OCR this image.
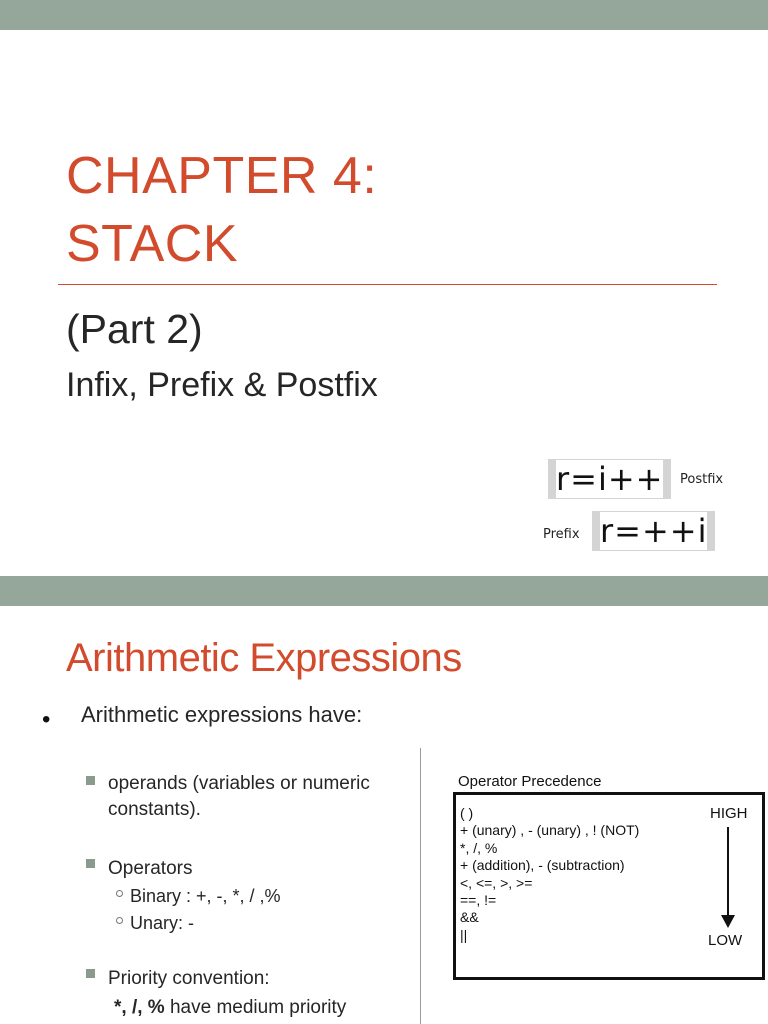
CHAPTER 4:
STACK
(Part 2)
Infix, Prefix & Postfix
r=i++	Postfix
Prefix r=++i
Arithmetic Expressions
• Arithmetic expressions have:
operands (variables or numeric
constants).
Operators
Binary : +, -, *, / ,%
Unary: -
Priority convention:
*, /, % have medium priority
Operator Precedence
( )
+ (unary) , - (unary) , ! (NOT)
*, /, %
+ (addition), - (subtraction)
<, <=, >, >=
==, !=
&&
||
HIGH
LOW
